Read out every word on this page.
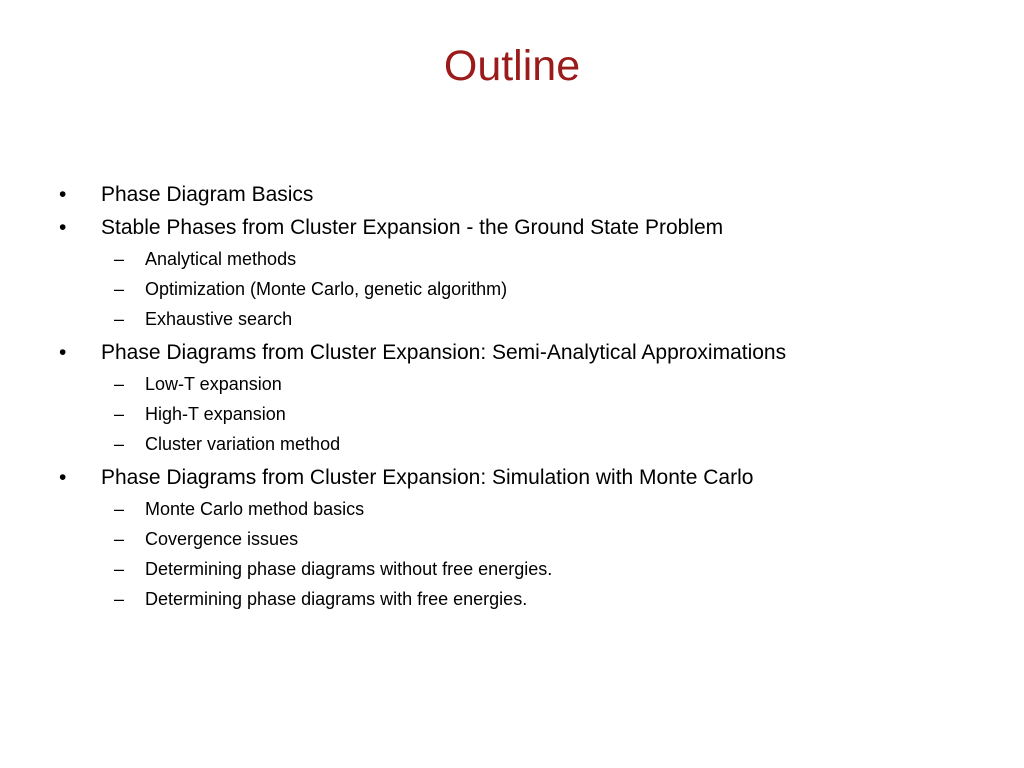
Outline
•	Phase Diagram Basics
•	Stable Phases from Cluster Expansion - the Ground State Problem
–	Analytical methods
–	Optimization (Monte Carlo, genetic algorithm)
–	Exhaustive search
•	Phase Diagrams from Cluster Expansion: Semi-Analytical Approximations
–	Low-T expansion
–	High-T expansion
–	Cluster variation method
•	Phase Diagrams from Cluster Expansion: Simulation with Monte Carlo
–	Monte Carlo method basics
–	Covergence issues
–	Determining phase diagrams without free energies.
–	Determining phase diagrams with free energies.
